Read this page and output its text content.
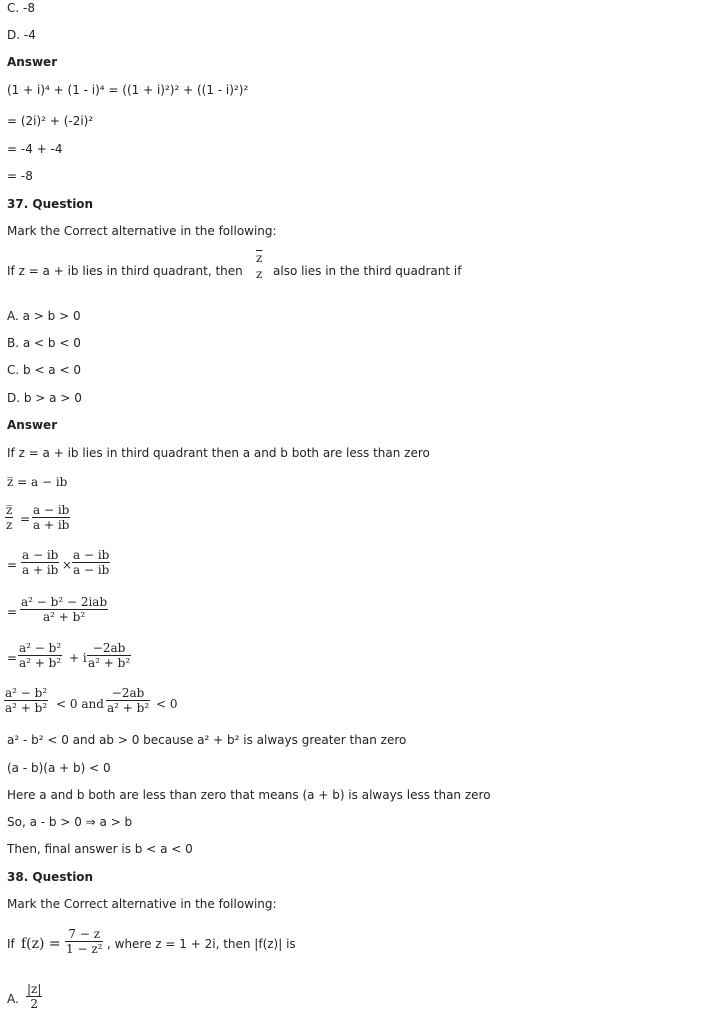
C. -8
D. -4
Answer
(1 + i)⁴ + (1 - i)⁴ = ((1 + i)²)² + ((1 - i)²)²
= (2i)² + (-2i)²
= -4 + -4
= -8
37. Question
Mark the Correct alternative in the following:
If z = a + ib lies in third quadrant, then
$\overline{z}$
z also lies in the third quadrant if
A. a > b > 0
B. a < b < 0
C. b < a < 0
D. b > a > 0
Answer
If z = a + ib lies in third quadrant then a and b both are less than zero
z̅ = a − ib
z̅
z =
a − ib
a + ib
=
a − ib
a + ib ×
a − ib
a − ib
=
a² − b² − 2iab
a² + b²
=
a² − b²
a² + b² + i
−2ab
a² + b²
a² − b²
a² + b² < 0 and
−2ab
a² + b² < 0
a² - b² < 0 and ab > 0 because a² + b² is always greater than zero
(a - b)(a + b) < 0
Here a and b both are less than zero that means (a + b) is always less than zero
So, a - b > 0 ⇒ a > b
Then, final answer is b < a < 0
38. Question
Mark the Correct alternative in the following:
If f(z) =
7 − z
1 − z² , where z = 1 + 2i, then |f(z)| is
A.
|z|
2
